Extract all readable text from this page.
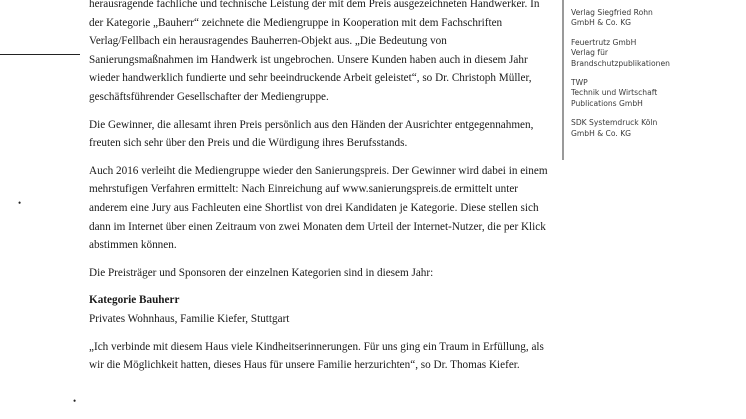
•
•

herausragende fachliche und technische Leistung der mit dem Preis ausgezeichneten Handwerker. In der Kategorie „Bauherr“ zeichnete die Mediengruppe in Kooperation mit dem Fachschriften Verlag/Fellbach ein herausragendes Bauherren-Objekt aus. „Die Bedeutung von Sanierungsmaßnahmen im Handwerk ist ungebrochen. Unsere Kunden haben auch in diesem Jahr wieder handwerklich fundierte und sehr beeindruckende Arbeit geleistet“, so Dr. Christoph Müller, geschäftsführender Gesellschafter der Mediengruppe.

Die Gewinner, die allesamt ihren Preis persönlich aus den Händen der Ausrichter entgegennahmen, freuten sich sehr über den Preis und die Würdigung ihres Berufsstands.

Auch 2016 verleiht die Mediengruppe wieder den Sanierungspreis. Der Gewinner wird dabei in einem mehrstufigen Verfahren ermittelt: Nach Einreichung auf www.sanierungspreis.de ermittelt unter anderem eine Jury aus Fachleuten eine Shortlist von drei Kandidaten je Kategorie. Diese stellen sich dann im Internet über einen Zeitraum von zwei Monaten dem Urteil der Internet-Nutzer, die per Klick abstimmen können.

Die Preisträger und Sponsoren der einzelnen Kategorien sind in diesem Jahr:

Kategorie Bauherr

Privates Wohnhaus, Familie Kiefer, Stuttgart

„Ich verbinde mit diesem Haus viele Kindheitserinnerungen. Für uns ging ein Traum in Erfüllung, als wir die Möglichkeit hatten, dieses Haus für unsere Familie herzurichten“, so Dr. Thomas Kiefer.

Verlag Siegfried Rohn
GmbH & Co. KG
Feuertrutz GmbH
Verlag für
Brandschutzpublikationen
TWP
Technik und Wirtschaft
Publications GmbH
SDK Systemdruck Köln
GmbH & Co. KG
